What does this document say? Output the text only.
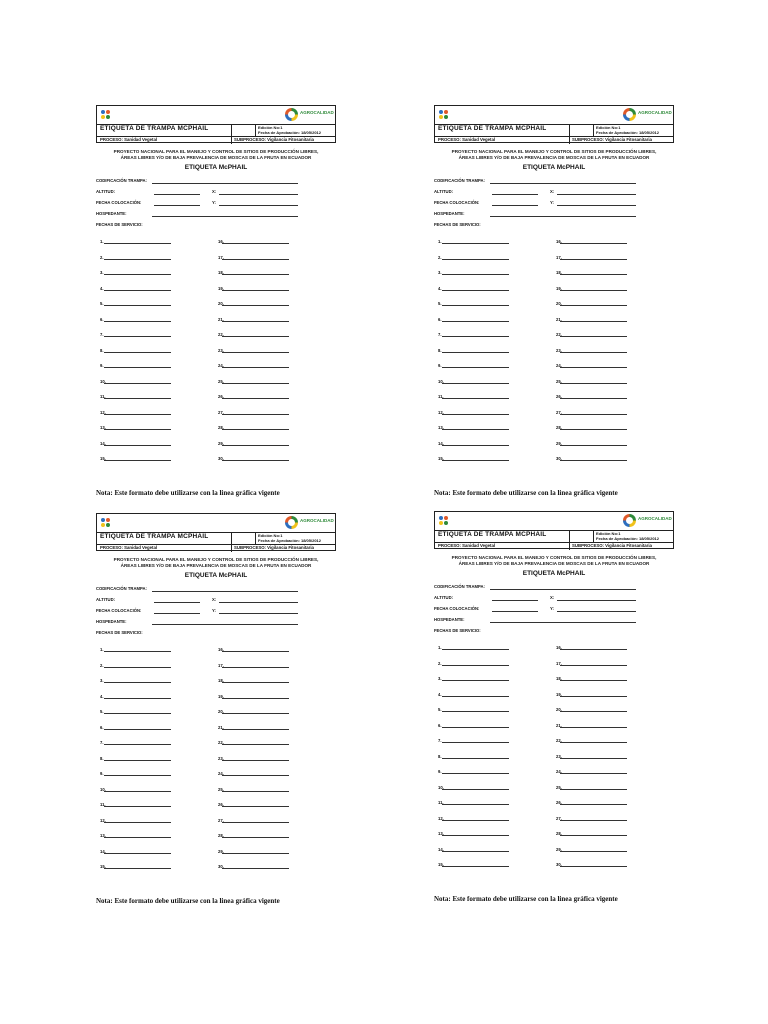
AGROCALIDAD
ETIQUETA DE TRAMPA MCPHAIL	Edición No:1
Fecha de Aprobación: 18/05/2012
PROCESO: Sanidad Vegetal	SUBPROCESO: Vigilancia Fitosanitaria
PROYECTO NACIONAL PARA EL MANEJO Y CONTROL DE SITIOS DE PRODUCCIÓN LIBRES,
ÁREAS LIBRES Y/O DE BAJA PREVALENCIA DE MOSCAS DE LA FRUTA EN ECUADOR
ETIQUETA McPHAIL
CODIFICACIÓN TRAMPA:
ALTITUD:	X:
FECHA COLOCACIÓN:	Y:
HOSPEDANTE:
FECHAS DE SERVICIO:
1.
2.
3.
4.
5.
6.
7.
8.
9.
10.
11.
12.
13.
14.
15.
16.
17.
18.
19.
20.
21.
22.
23.
24.
25.
26.
27.
28.
29.
30.
Nota: Este formato debe utilizarse con la linea gráfica vigente
AGROCALIDAD
ETIQUETA DE TRAMPA MCPHAIL	Edición No:1
Fecha de Aprobación: 18/05/2012
PROCESO: Sanidad Vegetal	SUBPROCESO: Vigilancia Fitosanitaria
PROYECTO NACIONAL PARA EL MANEJO Y CONTROL DE SITIOS DE PRODUCCIÓN LIBRES,
ÁREAS LIBRES Y/O DE BAJA PREVALENCIA DE MOSCAS DE LA FRUTA EN ECUADOR
ETIQUETA McPHAIL
CODIFICACIÓN TRAMPA:
ALTITUD:	X:
FECHA COLOCACIÓN:	Y:
HOSPEDANTE:
FECHAS DE SERVICIO:
1.
2.
3.
4.
5.
6.
7.
8.
9.
10.
11.
12.
13.
14.
15.
16.
17.
18.
19.
20.
21.
22.
23.
24.
25.
26.
27.
28.
29.
30.
Nota: Este formato debe utilizarse con la linea gráfica vigente
AGROCALIDAD
ETIQUETA DE TRAMPA MCPHAIL	Edición No:1
Fecha de Aprobación: 18/05/2012
PROCESO: Sanidad Vegetal	SUBPROCESO: Vigilancia Fitosanitaria
PROYECTO NACIONAL PARA EL MANEJO Y CONTROL DE SITIOS DE PRODUCCIÓN LIBRES,
ÁREAS LIBRES Y/O DE BAJA PREVALENCIA DE MOSCAS DE LA FRUTA EN ECUADOR
ETIQUETA McPHAIL
CODIFICACIÓN TRAMPA:
ALTITUD:	X:
FECHA COLOCACIÓN:	Y:
HOSPEDANTE:
FECHAS DE SERVICIO:
1.
2.
3.
4.
5.
6.
7.
8.
9.
10.
11.
12.
13.
14.
15.
16.
17.
18.
19.
20.
21.
22.
23.
24.
25.
26.
27.
28.
29.
30.
Nota: Este formato debe utilizarse con la linea gráfica vigente
AGROCALIDAD
ETIQUETA DE TRAMPA MCPHAIL	Edición No:1
Fecha de Aprobación: 18/05/2012
PROCESO: Sanidad Vegetal	SUBPROCESO: Vigilancia Fitosanitaria
PROYECTO NACIONAL PARA EL MANEJO Y CONTROL DE SITIOS DE PRODUCCIÓN LIBRES,
ÁREAS LIBRES Y/O DE BAJA PREVALENCIA DE MOSCAS DE LA FRUTA EN ECUADOR
ETIQUETA McPHAIL
CODIFICACIÓN TRAMPA:
ALTITUD:	X:
FECHA COLOCACIÓN:	Y:
HOSPEDANTE:
FECHAS DE SERVICIO:
1.
2.
3.
4.
5.
6.
7.
8.
9.
10.
11.
12.
13.
14.
15.
16.
17.
18.
19.
20.
21.
22.
23.
24.
25.
26.
27.
28.
29.
30.
Nota: Este formato debe utilizarse con la linea gráfica vigente
